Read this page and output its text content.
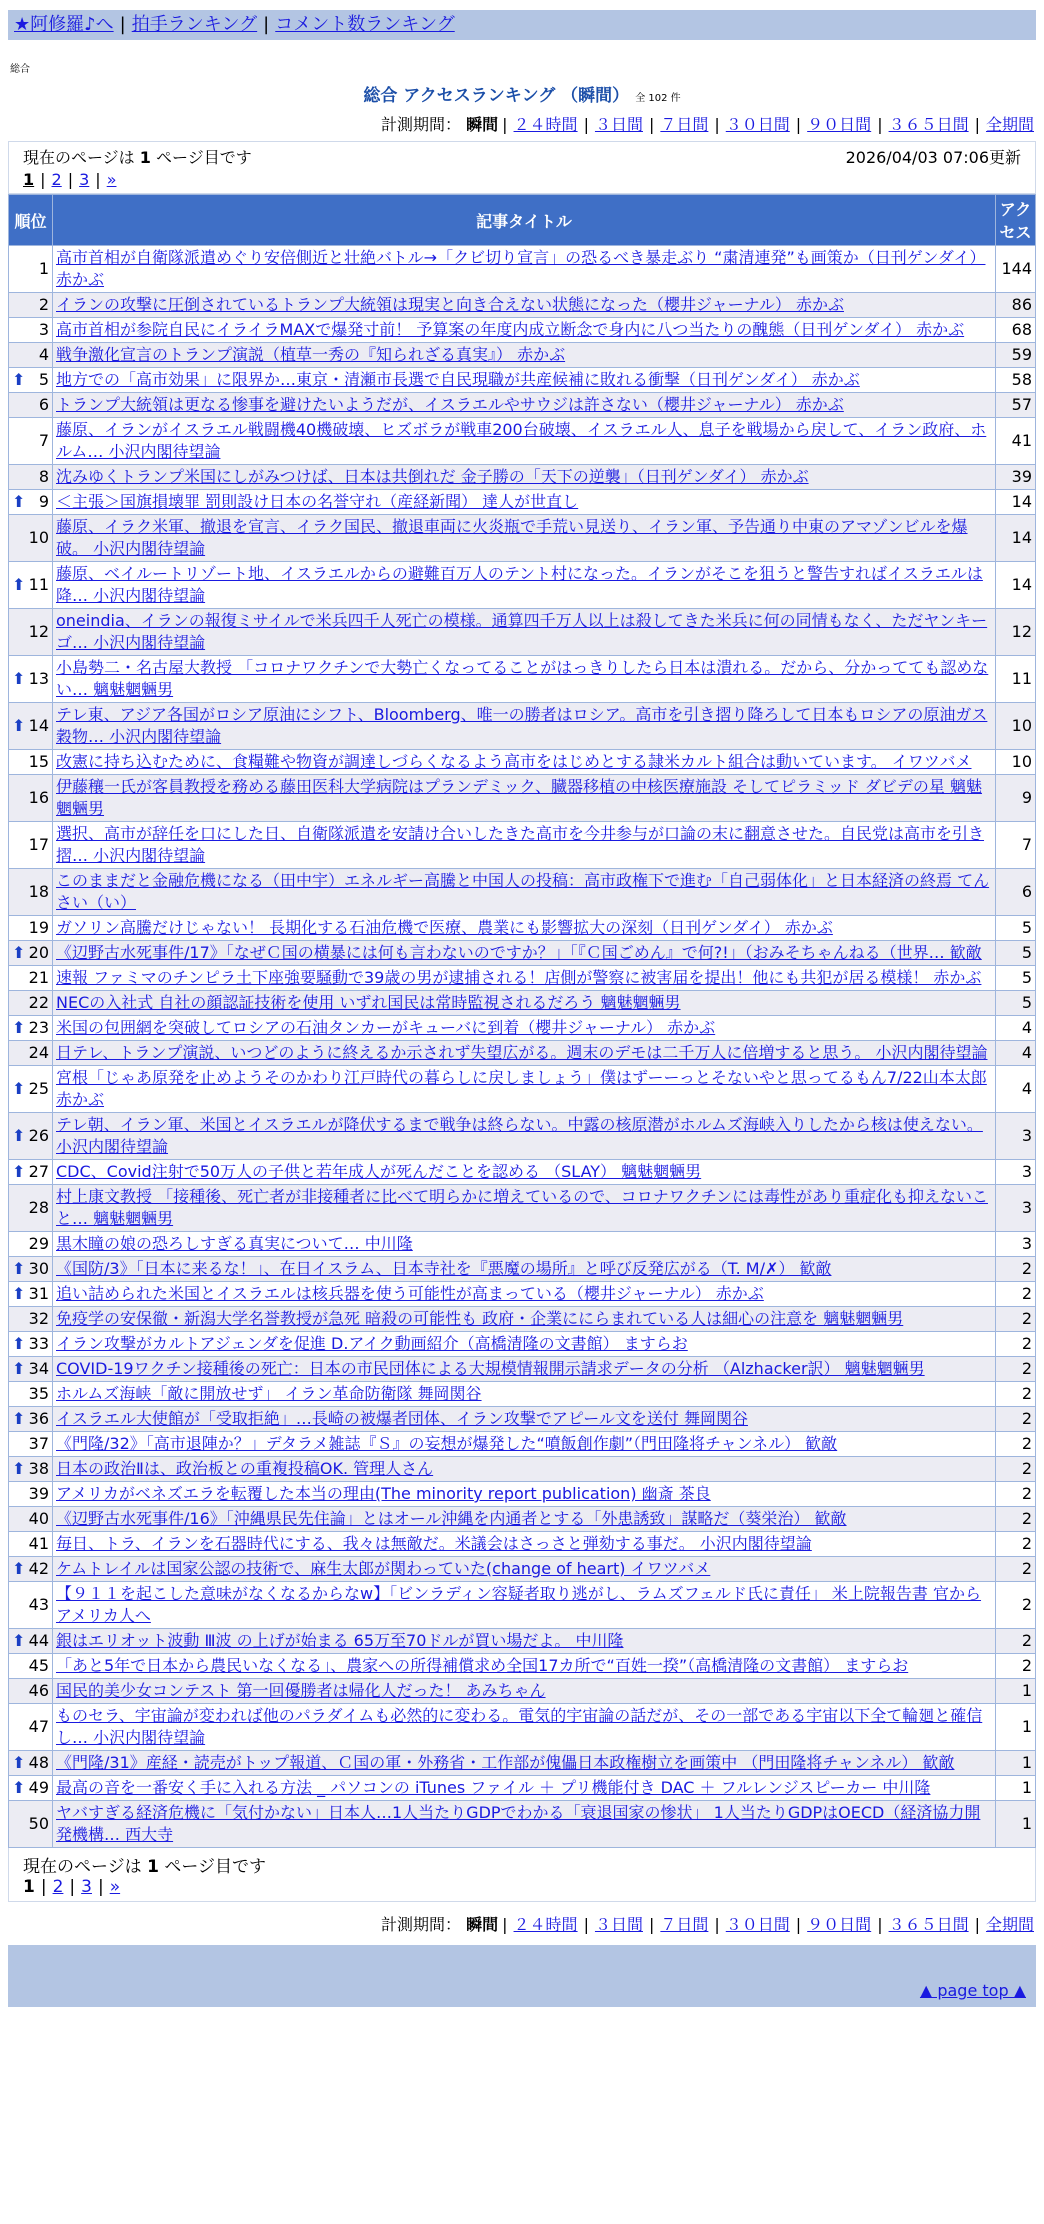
★阿修羅♪へ | 拍手ランキング | コメント数ランキング
総合
総合 アクセスランキング （瞬間） 全 102 件
計測期間： 瞬間 | ２４時間 | ３日間 | ７日間 | ３０日間 | ９０日間 | ３６５日間 | 全期間
現在のページは 1 ページ目です	2026/04/03 07:06更新
1 | 2 | 3 | »
順位	記事タイトル	アクセス
1	高市首相が自衛隊派遣めぐり安倍側近と壮絶バトル→「クビ切り宣言」の恐るべき暴走ぶり “粛清連発”も画策か（日刊ゲンダイ） 赤かぶ	144
2	イランの攻撃に圧倒されているトランプ大統領は現実と向き合えない状態になった（櫻井ジャーナル） 赤かぶ	86
3	高市首相が参院自民にイライラMAXで爆発寸前！ 予算案の年度内成立断念で身内に八つ当たりの醜態（日刊ゲンダイ） 赤かぶ	68
4	戦争激化宣言のトランプ演説（植草一秀の『知られざる真実』） 赤かぶ	59

⬆ 5	地方での「高市効果」に限界か…東京・清瀬市長選で自民現職が共産候補に敗れる衝撃（日刊ゲンダイ） 赤かぶ	58
6	トランプ大統領は更なる惨事を避けたいようだが、イスラエルやサウジは許さない（櫻井ジャーナル） 赤かぶ	57
7	藤原、イランがイスラエル戦闘機40機破壊、ヒズボラが戦車200台破壊、イスラエル人、息子を戦場から戻して、イラン政府、ホルム… 小沢内閣待望論	41
8	沈みゆくトランプ米国にしがみつけば、日本は共倒れだ 金子勝の「天下の逆襲」（日刊ゲンダイ） 赤かぶ	39

⬆ 9	＜主張＞国旗損壊罪 罰則設け日本の名誉守れ（産経新聞） 達人が世直し	14
10	藤原、イラク米軍、撤退を宣言、イラク国民、撤退車両に火炎瓶で手荒い見送り、イラン軍、予告通り中東のアマゾンビルを爆破。 小沢内閣待望論	14

⬆ 11	藤原、ベイルートリゾート地、イスラエルからの避難百万人のテント村になった。イランがそこを狙うと警告すればイスラエルは降… 小沢内閣待望論	14
12	oneindia、イランの報復ミサイルで米兵四千人死亡の模様。通算四千万人以上は殺してきた米兵に何の同情もなく、ただヤンキーゴ… 小沢内閣待望論	12

⬆ 13	小島勢二・名古屋大教授 「コロナワクチンで大勢亡くなってることがはっきりしたら日本は潰れる。だから、分かってても認めない… 魑魅魍魎男	11

⬆ 14	テレ東、アジア各国がロシア原油にシフト、Bloomberg、唯一の勝者はロシア。高市を引き摺り降ろして日本もロシアの原油ガス穀物… 小沢内閣待望論	10
15	改憲に持ち込むために、食糧難や物資が調達しづらくなるよう高市をはじめとする隷米カルト組合は動いています。 イワツバメ	10
16	伊藤穰一氏が客員教授を務める藤田医科大学病院はプランデミック、臓器移植の中核医療施設 そしてピラミッド ダビデの星 魑魅魍魎男	9
17	選択、高市が辞任を口にした日、自衛隊派遣を安請け合いしたきた高市を今井参与が口論の末に翻意させた。自民党は高市を引き摺… 小沢内閣待望論	7
18	このままだと金融危機になる（田中宇）エネルギー高騰と中国人の投稿：高市政権下で進む「自己弱体化」と日本経済の終焉 てんさい（い）	6
19	ガソリン高騰だけじゃない！ 長期化する石油危機で医療、農業にも影響拡大の深刻（日刊ゲンダイ） 赤かぶ	5

⬆ 20	《辺野古水死事件/17》「なぜＣ国の横暴には何も言わないのですか？」「『Ｃ国ごめん』で何?!」（おみそちゃんねる（世界… 歓敵	5
21	速報 ファミマのチンピラ土下座強要騒動で39歳の男が逮捕される！店側が警察に被害届を提出！他にも共犯が居る模様！ 赤かぶ	5
22	NECの入社式 自社の顔認証技術を使用 いずれ国民は常時監視されるだろう 魑魅魍魎男	5

⬆ 23	米国の包囲網を突破してロシアの石油タンカーがキューバに到着（櫻井ジャーナル） 赤かぶ	4
24	日テレ、トランプ演説、いつどのように終えるか示されず失望広がる。週末のデモは二千万人に倍増すると思う。 小沢内閣待望論	4

⬆ 25	宮根「じゃあ原発を止めようそのかわり江戸時代の暮らしに戻しましょう」僕はずーーっとそないやと思ってるもん7/22山本太郎 赤かぶ	4

⬆ 26	テレ朝、イラン軍、米国とイスラエルが降伏するまで戦争は終らない。中露の核原潜がホルムズ海峡入りしたから核は使えない。 小沢内閣待望論	3

⬆ 27	CDC、Covid注射で50万人の子供と若年成人が死んだことを認める （SLAY） 魑魅魍魎男	3
28	村上康文教授 「接種後、死亡者が非接種者に比べて明らかに増えているので、コロナワクチンには毒性があり重症化も抑えないこと… 魑魅魍魎男	3
29	黒木瞳の娘の恐ろしすぎる真実について… 中川隆	3

⬆ 30	《国防/3》「日本に来るな！」、在日イスラム、日本寺社を『悪魔の場所』と呼び反発広がる（T. M/✗） 歓敵	2

⬆ 31	追い詰められた米国とイスラエルは核兵器を使う可能性が高まっている（櫻井ジャーナル） 赤かぶ	2
32	免疫学の安保徹・新潟大学名誉教授が急死 暗殺の可能性も 政府・企業ににらまれている人は細心の注意を 魑魅魍魎男	2

⬆ 33	イラン攻撃がカルトアジェンダを促進 D.アイク動画紹介（高橋清隆の文書館） ますらお	2

⬆ 34	COVID-19ワクチン接種後の死亡：日本の市民団体による大規模情報開示請求データの分析 （Alzhacker訳） 魑魅魍魎男	2
35	ホルムズ海峡「敵に開放せず」 イラン革命防衛隊 舞岡関谷	2

⬆ 36	イスラエル大使館が「受取拒絶」…長崎の被爆者団体、イラン攻撃でアピール文を送付 舞岡関谷	2
37	《門隆/32》「高市退陣か？」デタラメ雑誌『Ｓ』の妄想が爆発した“噴飯創作劇”（門田隆将チャンネル） 歓敵	2

⬆ 38	日本の政治Ⅱは、政治板との重複投稿OK. 管理人さん	2
39	アメリカがベネズエラを転覆した本当の理由(The minority report publication) 幽斎 茶良	2
40	《辺野古水死事件/16》「沖縄県民先住論」とはオール沖縄を内通者とする「外患誘致」謀略だ（葵栄治） 歓敵	2
41	毎日、トラ、イランを石器時代にする、我々は無敵だ。米議会はさっさと弾劾する事だ。 小沢内閣待望論	2

⬆ 42	ケムトレイルは国家公認の技術で、麻生太郎が関わっていた(change of heart) イワツバメ	2
43	【９１１を起こした意味がなくなるからなw】「ビンラディン容疑者取り逃がし、ラムズフェルド氏に責任」 米上院報告書 官からアメリカ人へ	2

⬆ 44	銀はエリオット波動 Ⅲ波 の上げが始まる 65万至70ドルが買い場だよ。 中川隆	2
45	「あと5年で日本から農民いなくなる」、農家への所得補償求め全国17カ所で“百姓一揆”（高橋清隆の文書館） ますらお	2
46	国民的美少女コンテスト 第一回優勝者は帰化人だった！ あみちゃん	1
47	ものセラ、宇宙論が変われば他のパラダイムも必然的に変わる。電気的宇宙論の話だが、その一部である宇宙以下全て輪廻と確信し… 小沢内閣待望論	1

⬆ 48	《門隆/31》産経・読売がトップ報道、Ｃ国の軍・外務省・工作部が傀儡日本政権樹立を画策中 （門田隆将チャンネル） 歓敵	1

⬆ 49	最高の音を一番安く手に入れる方法 _ パソコンの iTunes ファイル ＋ プリ機能付き DAC ＋ フルレンジスピーカー 中川隆	1
50	ヤバすぎる経済危機に「気付かない」日本人…1人当たりGDPでわかる「衰退国家の惨状」 1人当たりGDPはOECD（経済協力開発機構… 西大寺	1
現在のページは 1 ページ目です
1 | 2 | 3 | »
計測期間： 瞬間 | ２４時間 | ３日間 | ７日間 | ３０日間 | ９０日間 | ３６５日間 | 全期間
▲ page top ▲
